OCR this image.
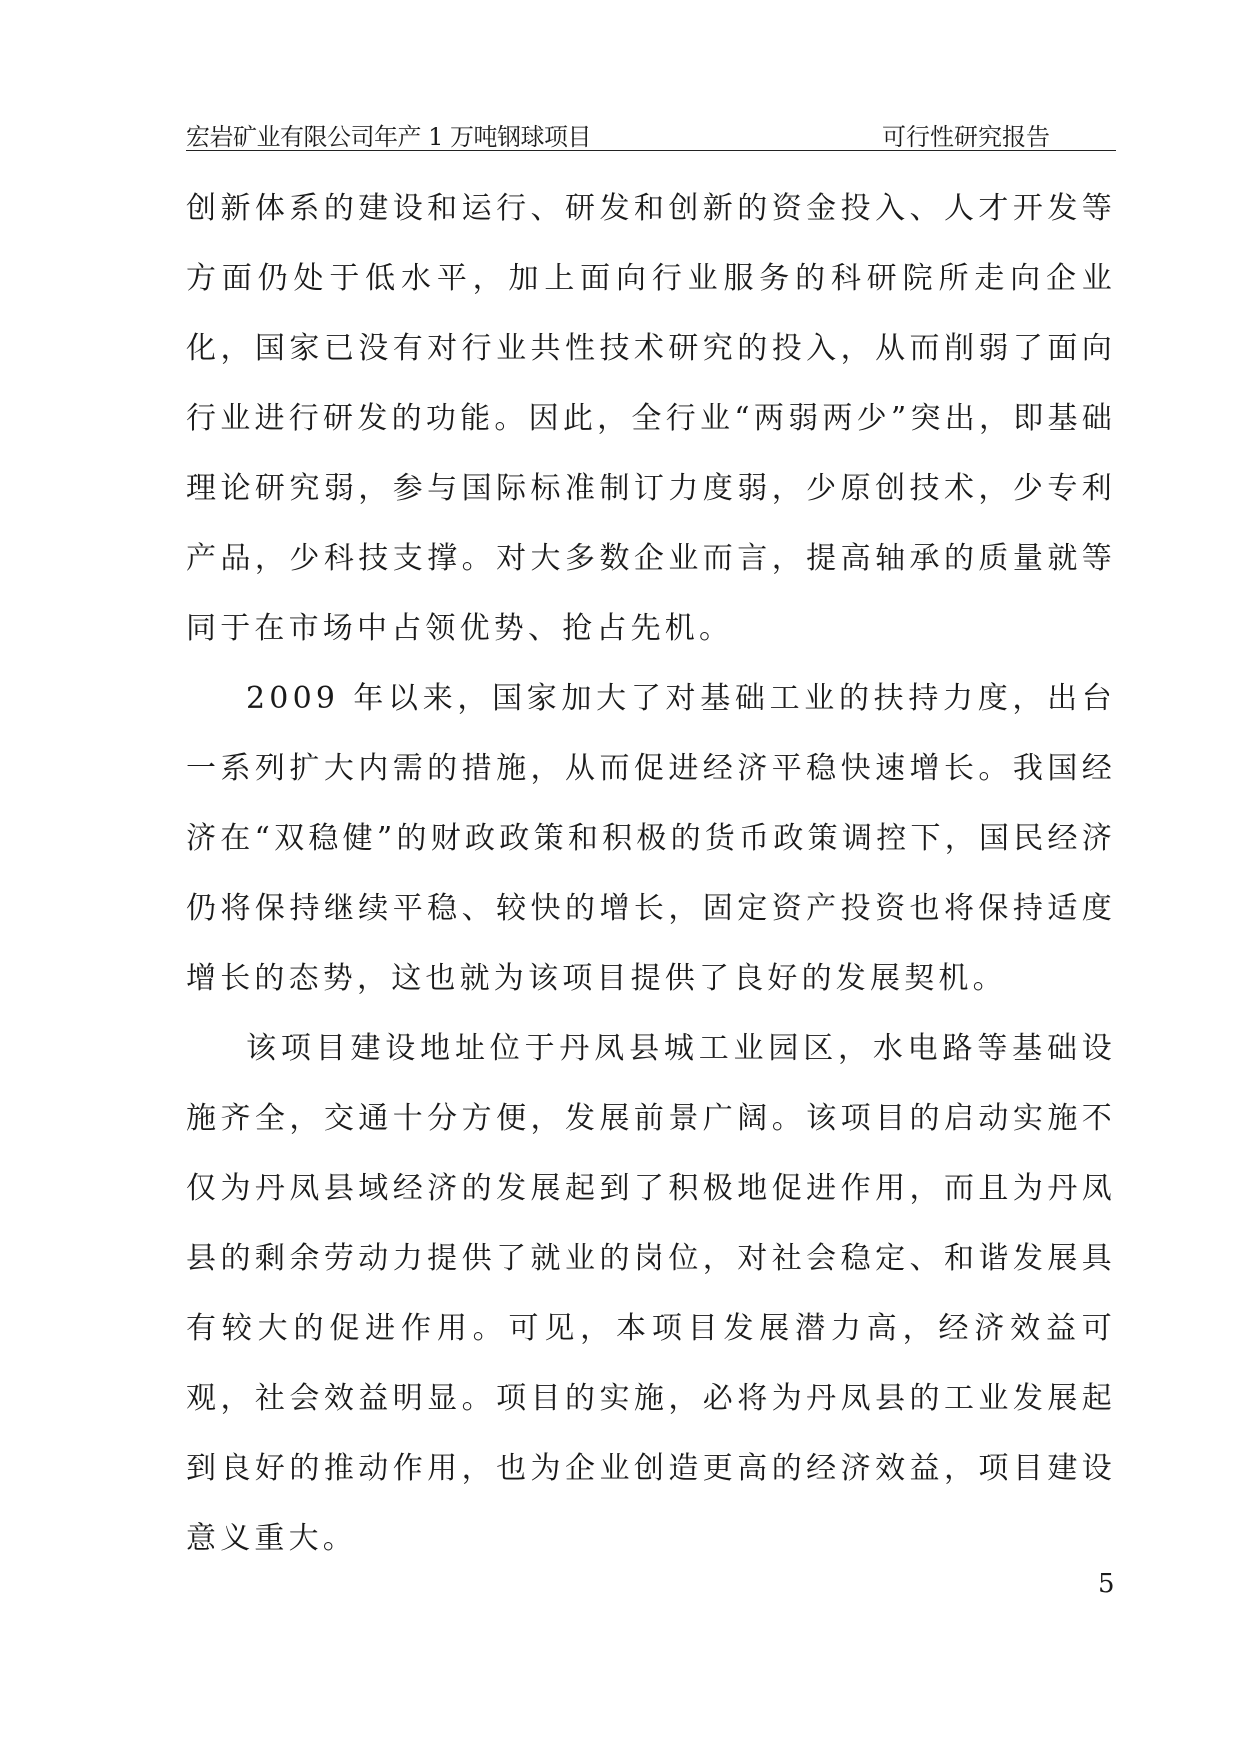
宏岩矿业有限公司年产 1 万吨钢球项目	可行性研究报告

创新体系的建设和运行、研发和创新的资金投入、人才开发等方面仍处于低水平，加上面向行业服务的科研院所走向企业化，国家已没有对行业共性技术研究的投入，从而削弱了面向行业进行研发的功能。因此，全行业“两弱两少”突出，即基础理论研究弱，参与国际标准制订力度弱，少原创技术，少专利产品，少科技支撑。对大多数企业而言，提高轴承的质量就等同于在市场中占领优势、抢占先机。

2009 年以来，国家加大了对基础工业的扶持力度，出台一系列扩大内需的措施，从而促进经济平稳快速增长。我国经济在“双稳健”的财政政策和积极的货币政策调控下，国民经济仍将保持继续平稳、较快的增长，固定资产投资也将保持适度增长的态势，这也就为该项目提供了良好的发展契机。

该项目建设地址位于丹凤县城工业园区，水电路等基础设施齐全，交通十分方便，发展前景广阔。该项目的启动实施不仅为丹凤县域经济的发展起到了积极地促进作用，而且为丹凤县的剩余劳动力提供了就业的岗位，对社会稳定、和谐发展具有较大的促进作用。可见，本项目发展潜力高，经济效益可观，社会效益明显。项目的实施，必将为丹凤县的工业发展起到良好的推动作用，也为企业创造更高的经济效益，项目建设意义重大。

5
